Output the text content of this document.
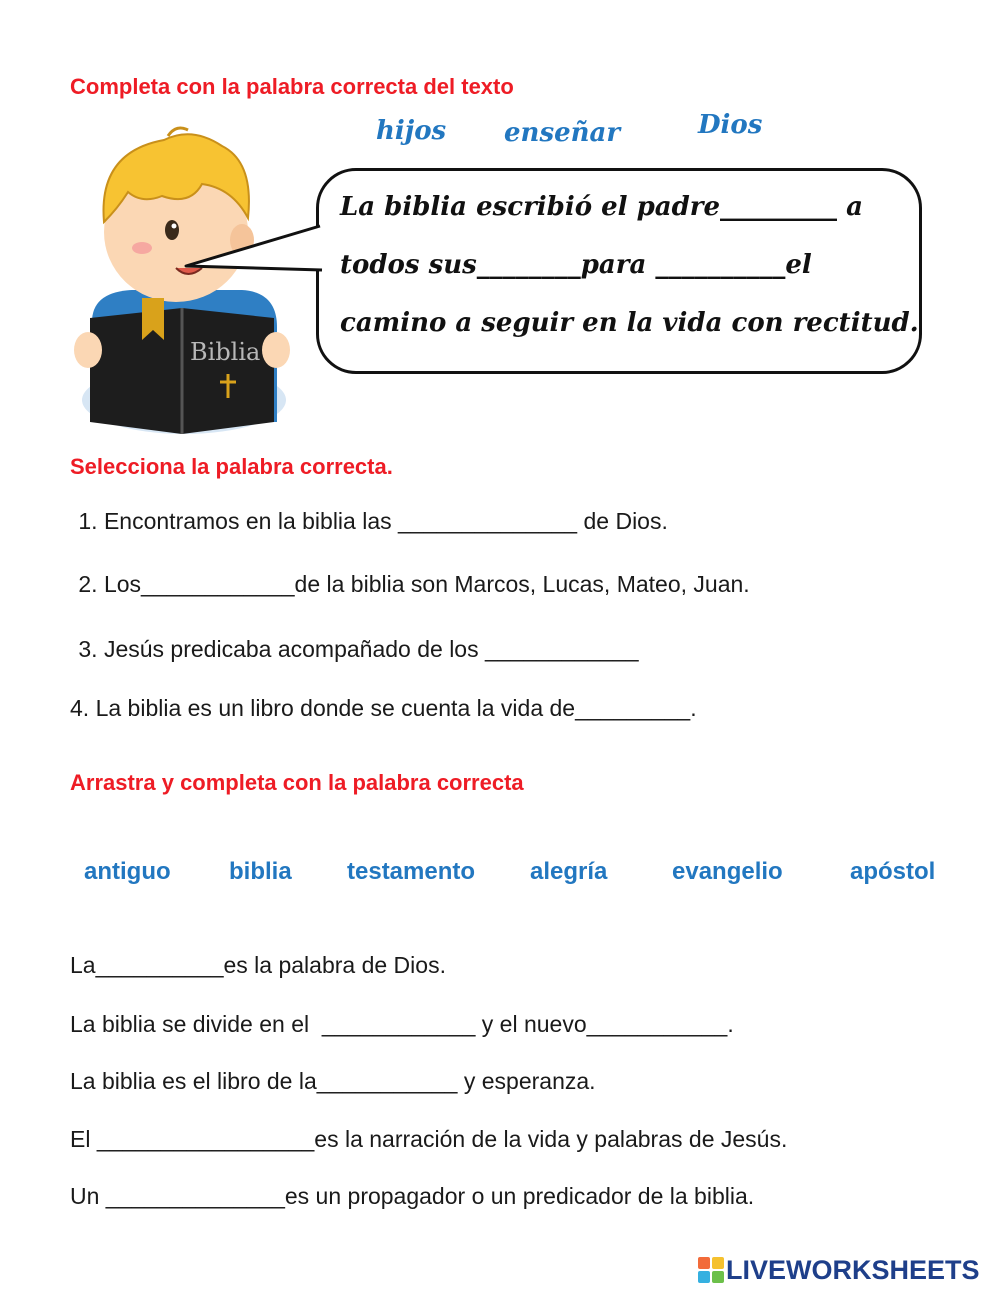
Completa con la palabra correcta del texto
hijos enseñar	Dios
Biblia
La biblia escribió el padre_________ a
todos sus________para __________el
camino a seguir en la vida con rectitud.
Selecciona la palabra correcta.
1. Encontramos en la biblia las ______________ de Dios.
2. Los____________de la biblia son Marcos, Lucas, Mateo, Juan.
3. Jesús predicaba acompañado de los ____________
4. La biblia es un libro donde se cuenta la vida de_________.
Arrastra y completa con la palabra correcta
antiguo biblia testamento alegría	evangelio	apóstol
La__________es la palabra de Dios.
La biblia se divide en el  ____________ y el nuevo___________.
La biblia es el libro de la___________ y esperanza.
El _________________es la narración de la vida y palabras de Jesús.
Un ______________es un propagador o un predicador de la biblia.
LIVEWORKSHEETS
